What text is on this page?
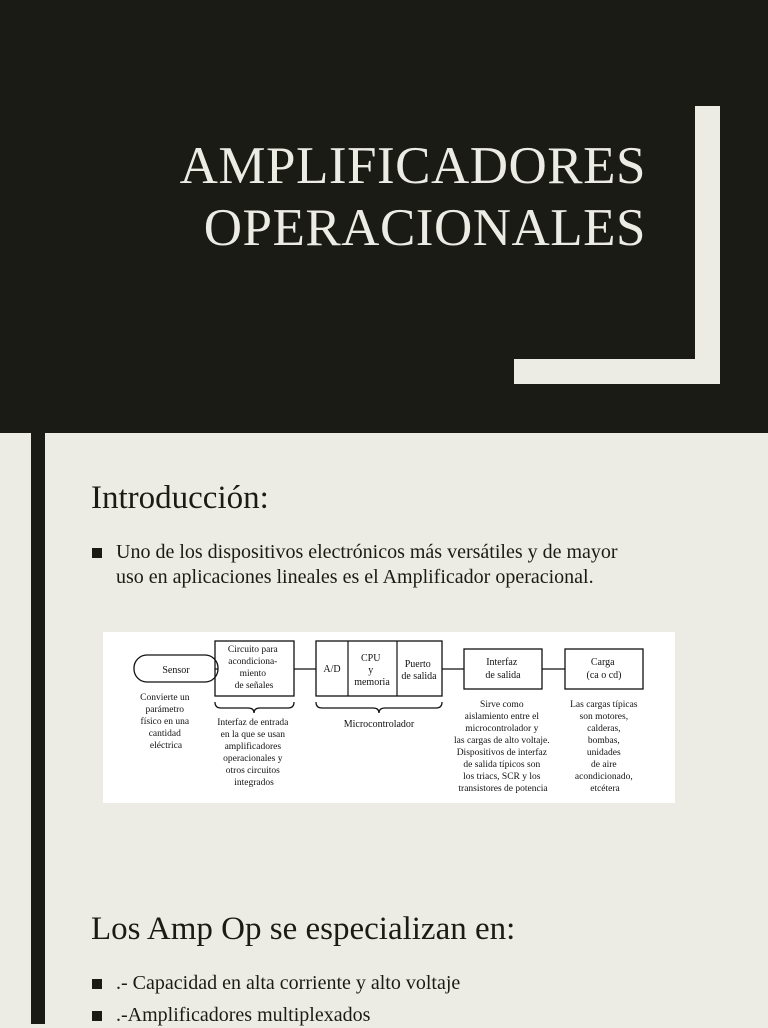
AMPLIFICADORES
OPERACIONALES
Introducción:
Uno de los dispositivos electrónicos más versátiles y de mayor
uso en aplicaciones lineales es el Amplificador operacional.
Sensor
Convierte un parámetro físico en una cantidad eléctrica
Circuito para acondiciona- miento de señales
Interfaz de entrada en la que se usan amplificadores operacionales y otros circuitos integrados
A/D
CPU y memoria
Puerto de salida
Microcontrolador
Interfaz de salida
Sirve como aislamiento entre el microcontrolador y las cargas de alto voltaje. Dispositivos de interfaz de salida típicos son los triacs, SCR y los transistores de potencia
Carga (ca o cd)
Las cargas típicas son motores, calderas, bombas, unidades de aire acondicionado, etcétera
Los Amp Op se especializan en:
.- Capacidad en alta corriente y alto voltaje
.-Amplificadores multiplexados
